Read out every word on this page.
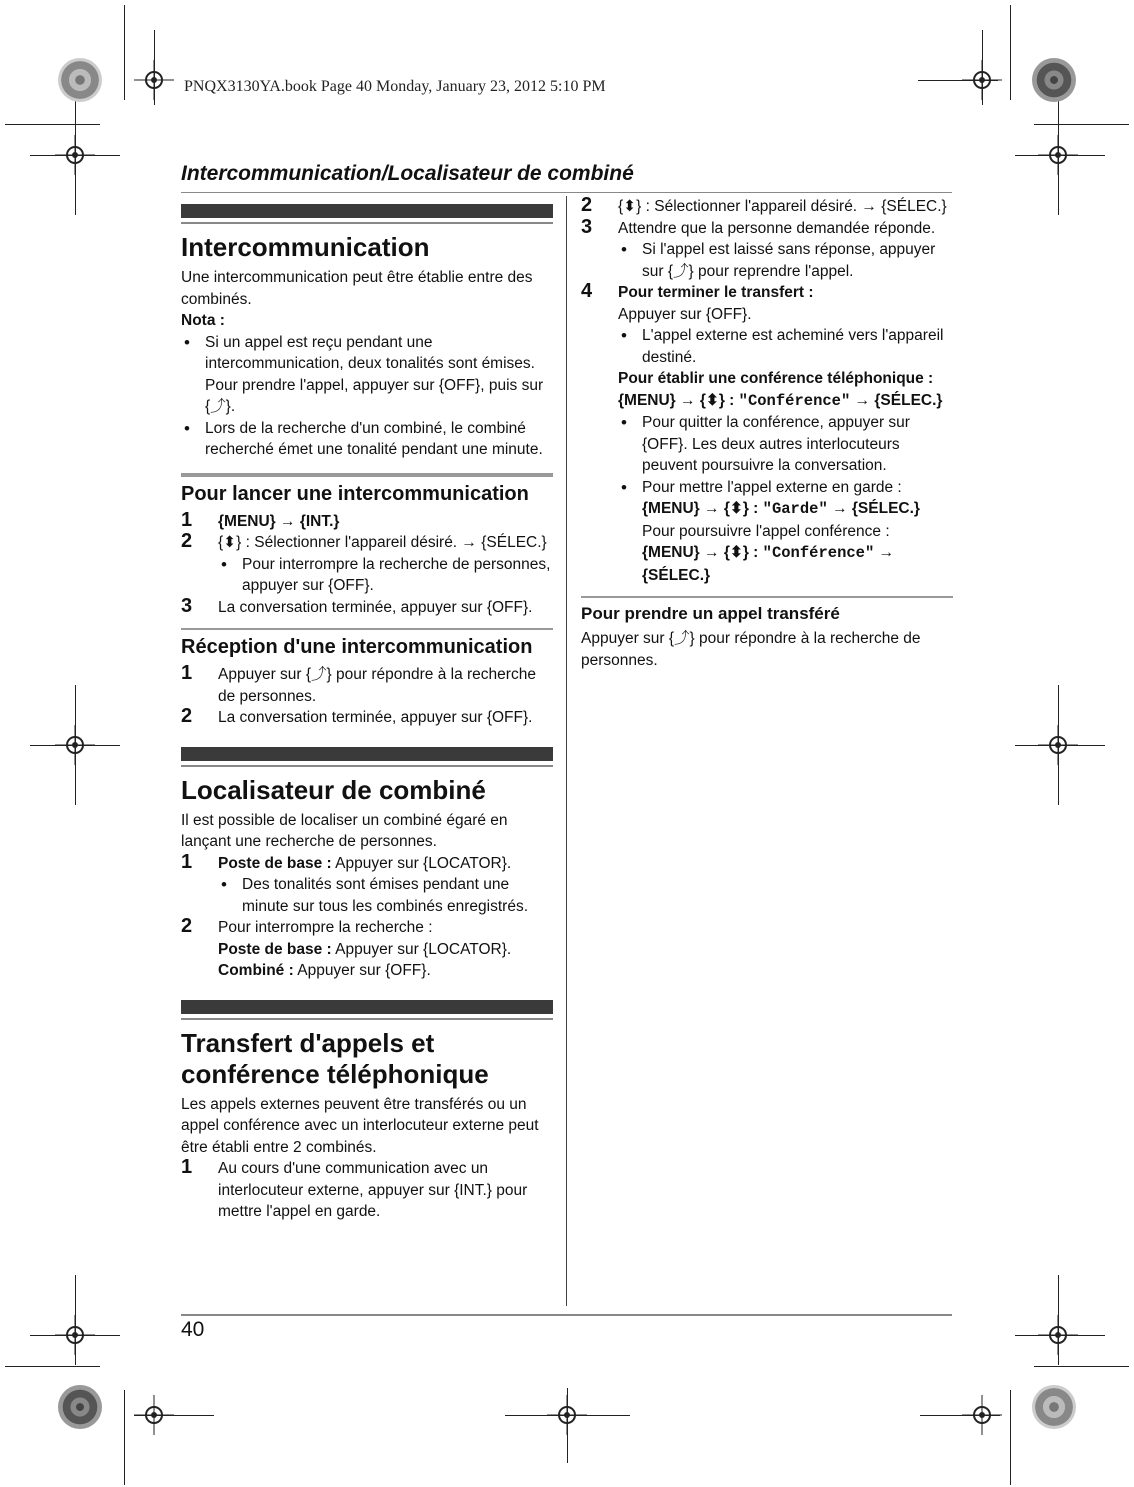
PNQX3130YA.book Page 40 Monday, January 23, 2012 5:10 PM
Intercommunication/Localisateur de combiné
Intercommunication

Une intercommunication peut être établie entre des combinés.

Nota :

• Si un appel est reçu pendant une intercommunication, deux tonalités sont émises. Pour prendre l'appel, appuyer sur {OFF}, puis sur {⤴}.
• Lors de la recherche d'un combiné, le combiné recherché émet une tonalité pendant une minute.
Pour lancer une intercommunication
1 {MENU} → {INT.}
2 {⬍} : Sélectionner l'appareil désiré. → {SÉLEC.}
• Pour interrompre la recherche de personnes, appuyer sur {OFF}.
3 La conversation terminée, appuyer sur {OFF}.
Réception d'une intercommunication
1 Appuyer sur {⤴} pour répondre à la recherche de personnes.
2 La conversation terminée, appuyer sur {OFF}.
Localisateur de combiné

Il est possible de localiser un combiné égaré en lançant une recherche de personnes.

1 Poste de base : Appuyer sur {LOCATOR}.
• Des tonalités sont émises pendant une minute sur tous les combinés enregistrés.
2 Pour interrompre la recherche :
Poste de base : Appuyer sur {LOCATOR}.
Combiné : Appuyer sur {OFF}.
Transfert d'appels et
conférence téléphonique

Les appels externes peuvent être transférés ou un appel conférence avec un interlocuteur externe peut être établi entre 2 combinés.

1 Au cours d'une communication avec un interlocuteur externe, appuyer sur {INT.} pour mettre l'appel en garde.
2 {⬍} : Sélectionner l'appareil désiré. → {SÉLEC.}
3 Attendre que la personne demandée réponde.
• Si l'appel est laissé sans réponse, appuyer sur {⤴} pour reprendre l'appel.
4 Pour terminer le transfert :
Appuyer sur {OFF}.
• L'appel externe est acheminé vers l'appareil destiné.
Pour établir une conférence téléphonique :
{MENU} → {⬍} : "Conférence" → {SÉLEC.}
• Pour quitter la conférence, appuyer sur {OFF}. Les deux autres interlocuteurs peuvent poursuivre la conversation.
• Pour mettre l'appel externe en garde :
{MENU} → {⬍} : "Garde" → {SÉLEC.}
Pour poursuivre l'appel conférence :
{MENU} → {⬍} : "Conférence" → {SÉLEC.}
Pour prendre un appel transféré

Appuyer sur {⤴} pour répondre à la recherche de personnes.

40
